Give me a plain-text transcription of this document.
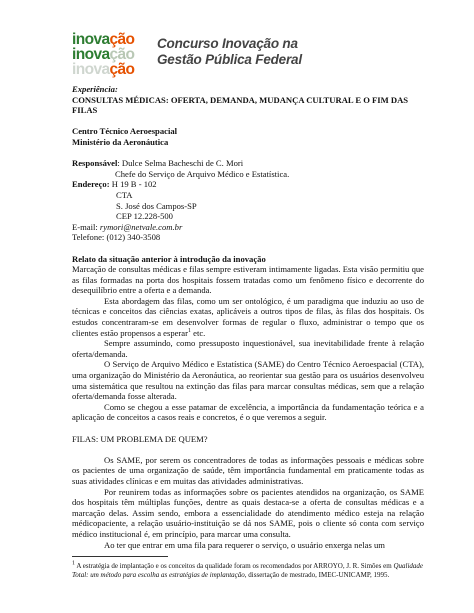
inovação
inovação
inovação
Concurso Inovação na
Gestão Pública Federal
Experiência:
CONSULTAS MÉDICAS: OFERTA, DEMANDA, MUDANÇA CULTURAL E O FIM DAS FILAS
Centro Técnico Aeroespacial
Ministério da Aeronáutica
Responsável: Dulce Selma Bacheschi de C. Mori
Chefe do Serviço de Arquivo Médico e Estatística.
Endereço: H 19 B - 102
CTA
S. José dos Campos-SP
CEP 12.228-500
E-mail: rymori@netvale.com.br
Telefone: (012) 340-3508
Relato da situação anterior à introdução da inovação
Marcação de consultas médicas e filas sempre estiveram intimamente ligadas. Esta visão permitiu que as filas formadas na porta dos hospitais fossem tratadas como um fenômeno físico e decorrente do desequilíbrio entre a oferta e a demanda.
Esta abordagem das filas, como um ser ontológico, é um paradigma que induziu ao uso de técnicas e conceitos das ciências exatas, aplicáveis a outros tipos de filas, às filas dos hospitais. Os estudos concentraram-se em desenvolver formas de regular o fluxo, administrar o tempo que os clientes estão propensos a esperar$^1$ etc.
Sempre assumindo, como pressuposto inquestionável, sua inevitabilidade frente à relação oferta/demanda.
O Serviço de Arquivo Médico e Estatística (SAME) do Centro Técnico Aeroespacial (CTA), uma organização do Ministério da Aeronáutica, ao reorientar sua gestão para os usuários desenvolveu uma sistemática que resultou na extinção das filas para marcar consultas médicas, sem que a relação oferta/demanda fosse alterada.
Como se chegou a esse patamar de excelência, a importância da fundamentação teórica e a aplicação de conceitos a casos reais e concretos, é o que veremos a seguir.
FILAS: UM PROBLEMA DE QUEM?
Os SAME, por serem os concentradores de todas as informações pessoais e médicas sobre os pacientes de uma organização de saúde, têm importância fundamental em praticamente todas as suas atividades clínicas e em muitas das atividades administrativas.
Por reunirem todas as informações sobre os pacientes atendidos na organização, os SAME dos hospitais têm múltiplas funções, dentre as quais destaca-se a oferta de consultas médicas e a marcação delas. Assim sendo, embora a essencialidade do atendimento médico esteja na relação médicopaciente, a relação usuário-instituição se dá nos SAME, pois o cliente só conta com serviço médico institucional é, em princípio, para marcar uma consulta.
Ao ter que entrar em uma fila para requerer o serviço, o usuário enxerga nelas um
$^1$ A estratégia de implantação e os conceitos da qualidade foram os recomendados por ARROYO, J. R. Simões em Qualidade Total: um método para escolha as estratégias de implantação, dissertação de mestrado, IMEC-UNICAMP, 1995.
